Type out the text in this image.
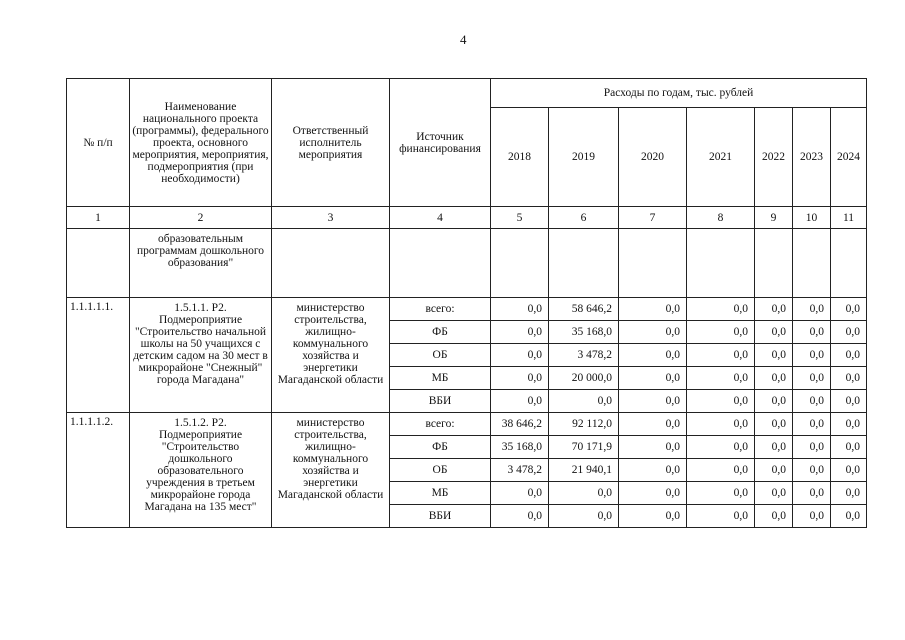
4
№ п/п	Наименование национального проекта (программы), федерального проекта, основного мероприятия, мероприятия, подмероприятия (при необходимости)	Ответственный исполнитель мероприятия	Источник финансирования	Расходы по годам, тыс. рублей						
				2018	2019	2020	2021	2022	2023	2024
1	2	3	4	5	6	7	8	9	10	11
	образовательным программам дошкольного образования"									
1.1.1.1.1.	1.5.1.1. Р2. Подмероприятие "Строительство начальной школы на 50 учащихся с детским садом на 30 мест в микрорайоне "Снежный" города Магадана"	министерство строительства, жилищно-коммунального хозяйства и энергетики Магаданской области	всего:	0,0	58 646,2	0,0	0,0	0,0	0,0	0,0
			ФБ	0,0	35 168,0	0,0	0,0	0,0	0,0	0,0
			ОБ	0,0	3 478,2	0,0	0,0	0,0	0,0	0,0
			МБ	0,0	20 000,0	0,0	0,0	0,0	0,0	0,0
			ВБИ	0,0	0,0	0,0	0,0	0,0	0,0	0,0
1.1.1.1.2.	1.5.1.2. Р2. Подмероприятие "Строительство дошкольного образовательного учреждения в третьем микрорайоне города Магадана на 135 мест"	министерство строительства, жилищно-коммунального хозяйства и энергетики Магаданской области	всего:	38 646,2	92 112,0	0,0	0,0	0,0	0,0	0,0
			ФБ	35 168,0	70 171,9	0,0	0,0	0,0	0,0	0,0
			ОБ	3 478,2	21 940,1	0,0	0,0	0,0	0,0	0,0
			МБ	0,0	0,0	0,0	0,0	0,0	0,0	0,0
			ВБИ	0,0	0,0	0,0	0,0	0,0	0,0	0,0
